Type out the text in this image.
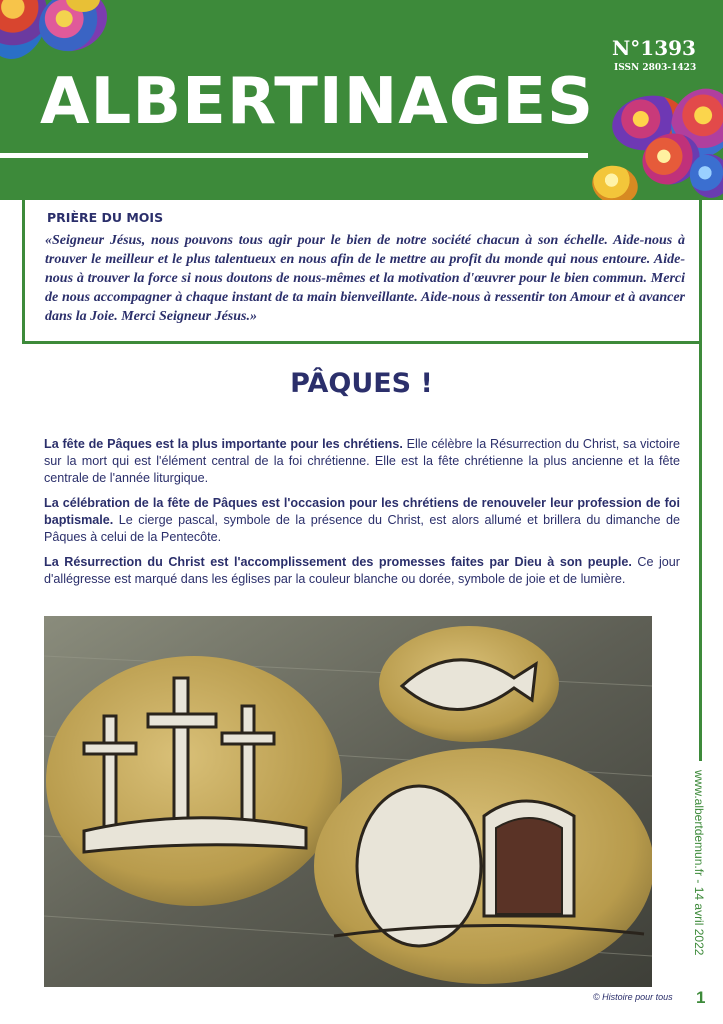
N°1393
ISSN 2803-1423
ALBERTINAGES
PRIÈRE DU MOIS
«Seigneur Jésus, nous pouvons tous agir pour le bien de notre société chacun à son échelle. Aide-nous à trouver le meilleur et le plus talentueux en nous afin de le mettre au profit du monde qui nous entoure. Aide-nous à trouver la force si nous doutons de nous-mêmes et la motivation d'œuvrer pour le bien commun. Merci de nous accompagner à chaque instant de ta main bienveillante. Aide-nous à ressentir ton Amour et à avancer dans la Joie. Merci Seigneur Jésus.»
PÂQUES !

La fête de Pâques est la plus importante pour les chrétiens. Elle célèbre la Résurrection du Christ, sa victoire sur la mort qui est l'élément central de la foi chrétienne. Elle est la fête chrétienne la plus ancienne et la fête centrale de l'année liturgique.

La célébration de la fête de Pâques est l'occasion pour les chrétiens de renouveler leur profession de foi baptismale. Le cierge pascal, symbole de la présence du Christ, est alors allumé et brillera du dimanche de Pâques à celui de la Pentecôte.

La Résurrection du Christ est l'accomplissement des promesses faites par Dieu à son peuple. Ce jour d'allégresse est marqué dans les églises par la couleur blanche ou dorée, symbole de joie et de lumière.

© Histoire pour tous
www.albertdemun.fr - 14 avril 2022
1
